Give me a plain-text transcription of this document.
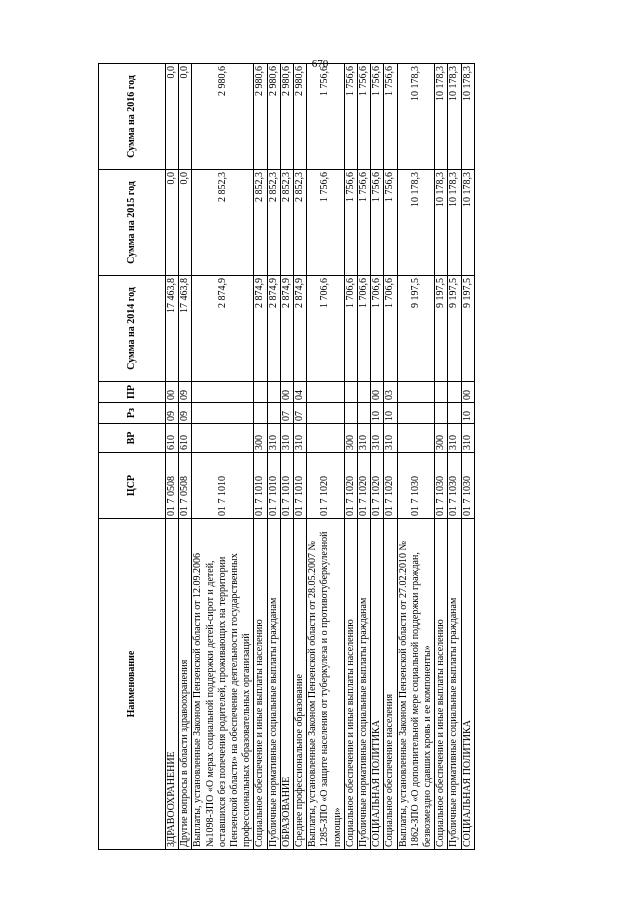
670
Наименование	ЦСР	ВР	Рз	ПР	Сумма на 2014 год	Сумма на 2015 год	Сумма на 2016 год
ЗДРАВООХРАНЕНИЕ	01 7 0508	610	09	00	17 463,8	0,0	0,0
Другие вопросы в области здравоохранения	01 7 0508	610	09	09	17 463,8	0,0	0,0
Выплаты, установленные Законом Пензенской области от 12.09.2006 №1098-ЗПО «О мерах социальной поддержки детей-сирот и детей, оставшихся без попечения родителей, проживающих на территории Пензенской области» на обеспечение деятельности государственных профессиональных образовательных организаций	01 7 1010				2 874,9	2 852,3	2 980,6
Социальное обеспечение и иные выплаты населению	01 7 1010	300			2 874,9	2 852,3	2 980,6
Публичные нормативные социальные выплаты гражданам	01 7 1010	310			2 874,9	2 852,3	2 980,6
ОБРАЗОВАНИЕ	01 7 1010	310	07	00	2 874,9	2 852,3	2 980,6
Среднее профессиональное образование	01 7 1010	310	07	04	2 874,9	2 852,3	2 980,6
Выплаты, установленные Законом Пензенской области от 28.05.2007 № 1285-ЗПО «О защите населения от туберкулеза и о противотуберкулезной помощи»	01 7 1020				1 706,6	1 756,6	1 756,6
Социальное обеспечение и иные выплаты населению	01 7 1020	300			1 706,6	1 756,6	1 756,6
Публичные нормативные социальные выплаты гражданам	01 7 1020	310			1 706,6	1 756,6	1 756,6
СОЦИАЛЬНАЯ ПОЛИТИКА	01 7 1020	310	10	00	1 706,6	1 756,6	1 756,6
Социальное обеспечение населения	01 7 1020	310	10	03	1 706,6	1 756,6	1 756,6
Выплаты, установленные Законом Пензенской области от 27.02.2010 № 1862-ЗПО «О дополнительной мере социальной поддержки граждан, безвозмездно сдавших кровь и ее компоненты»	01 7 1030				9 197,5	10 178,3	10 178,3
Социальное обеспечение и иные выплаты населению	01 7 1030	300			9 197,5	10 178,3	10 178,3
Публичные нормативные социальные выплаты гражданам	01 7 1030	310			9 197,5	10 178,3	10 178,3
СОЦИАЛЬНАЯ ПОЛИТИКА	01 7 1030	310	10	00	9 197,5	10 178,3	10 178,3
